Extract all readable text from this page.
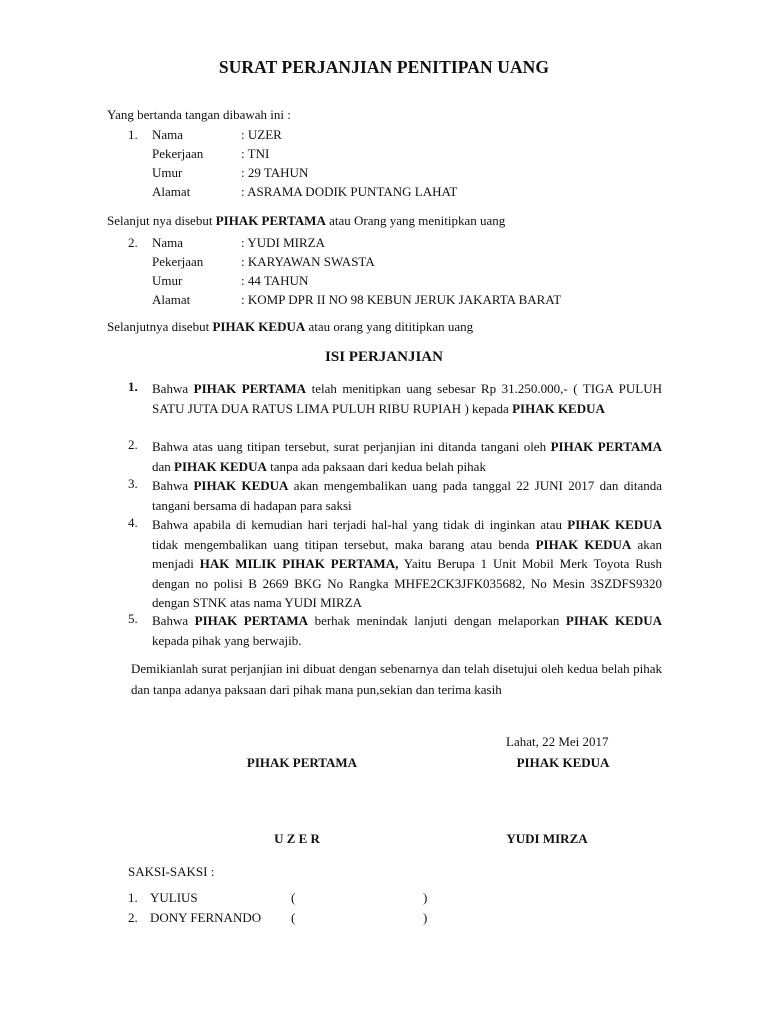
SURAT PERJANJIAN PENITIPAN UANG
Yang bertanda tangan dibawah ini :
1. Nama	: UZER
Pekerjaan	: TNI
Umur	: 29 TAHUN
Alamat	: ASRAMA DODIK PUNTANG LAHAT
Selanjut nya disebut PIHAK PERTAMA atau Orang yang menitipkan uang
2. Nama	: YUDI MIRZA
Pekerjaan	: KARYAWAN SWASTA
Umur	: 44 TAHUN
Alamat	: KOMP DPR II NO 98 KEBUN JERUK JAKARTA BARAT
Selanjutnya disebut PIHAK KEDUA atau orang yang dititipkan uang
ISI PERJANJIAN
1. Bahwa PIHAK PERTAMA telah menitipkan uang sebesar Rp 31.250.000,- ( TIGA PULUH SATU JUTA DUA RATUS LIMA PULUH RIBU RUPIAH ) kepada PIHAK KEDUA
2. Bahwa atas uang titipan tersebut, surat perjanjian ini ditanda tangani oleh PIHAK PERTAMA dan PIHAK KEDUA tanpa ada paksaan dari kedua belah pihak
3. Bahwa PIHAK KEDUA akan mengembalikan uang pada tanggal 22 JUNI 2017 dan ditanda tangani bersama di hadapan para saksi
4. Bahwa apabila di kemudian hari terjadi hal-hal yang tidak di inginkan atau PIHAK KEDUA tidak mengembalikan uang titipan tersebut, maka barang atau benda PIHAK KEDUA akan menjadi HAK MILIK PIHAK PERTAMA, Yaitu Berupa 1 Unit Mobil Merk Toyota Rush dengan no polisi B 2669 BKG No Rangka MHFE2CK3JFK035682, No Mesin 3SZDFS9320 dengan STNK atas nama YUDI MIRZA
5. Bahwa PIHAK PERTAMA berhak menindak lanjuti dengan melaporkan PIHAK KEDUA kepada pihak yang berwajib.
Demikianlah surat perjanjian ini dibuat dengan sebenarnya dan telah disetujui oleh kedua belah pihak dan tanpa adanya paksaan dari pihak mana pun,sekian dan terima kasih
Lahat, 22 Mei 2017
PIHAK PERTAMA	PIHAK KEDUA
U Z E R	YUDI MIRZA
SAKSI-SAKSI :
1. YULIUS	(	)
2. DONY FERNANDO (	)
